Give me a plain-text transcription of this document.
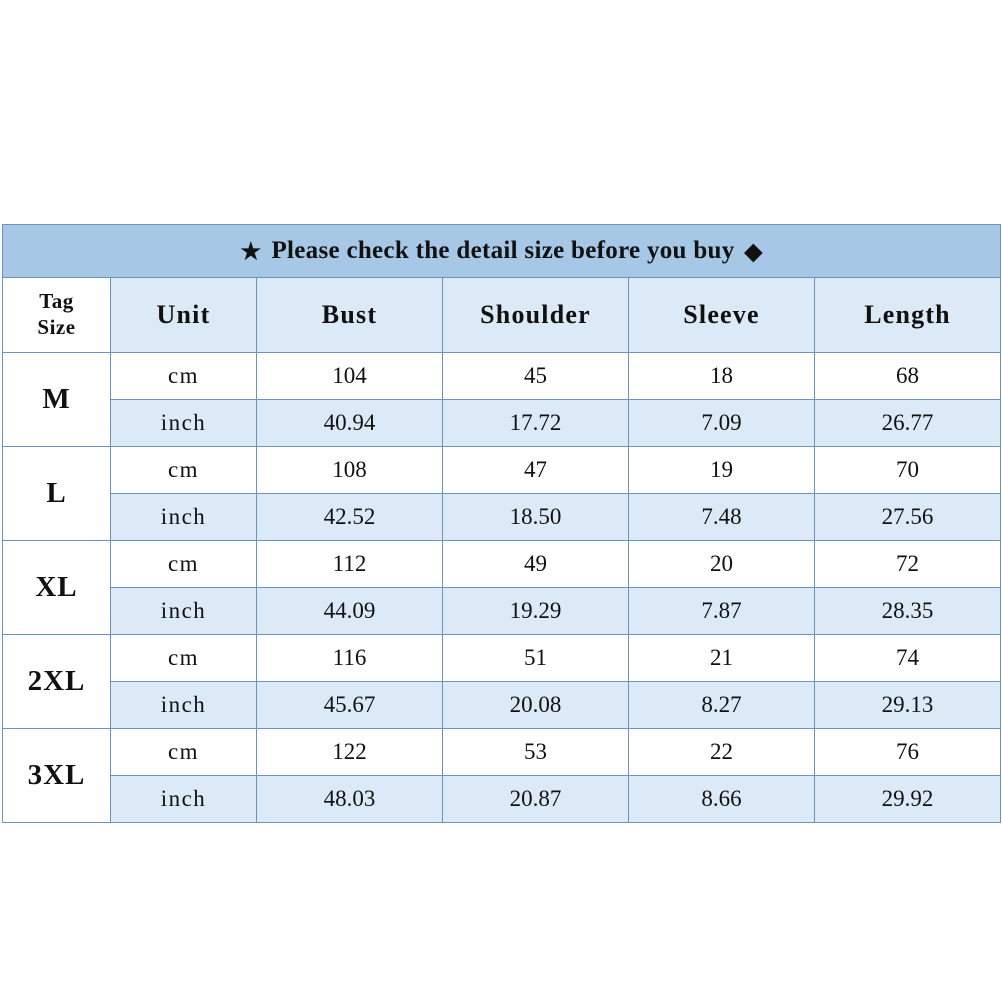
★ Please check the detail size before you buy ◆					

Tag
Size	Unit	Bust	Shoulder	Sleeve	Length
M	cm	104	45	18	68
	inch	40.94	17.72	7.09	26.77
L	cm	108	47	19	70
	inch	42.52	18.50	7.48	27.56
XL	cm	112	49	20	72
	inch	44.09	19.29	7.87	28.35
2XL	cm	116	51	21	74
	inch	45.67	20.08	8.27	29.13
3XL	cm	122	53	22	76
	inch	48.03	20.87	8.66	29.92
